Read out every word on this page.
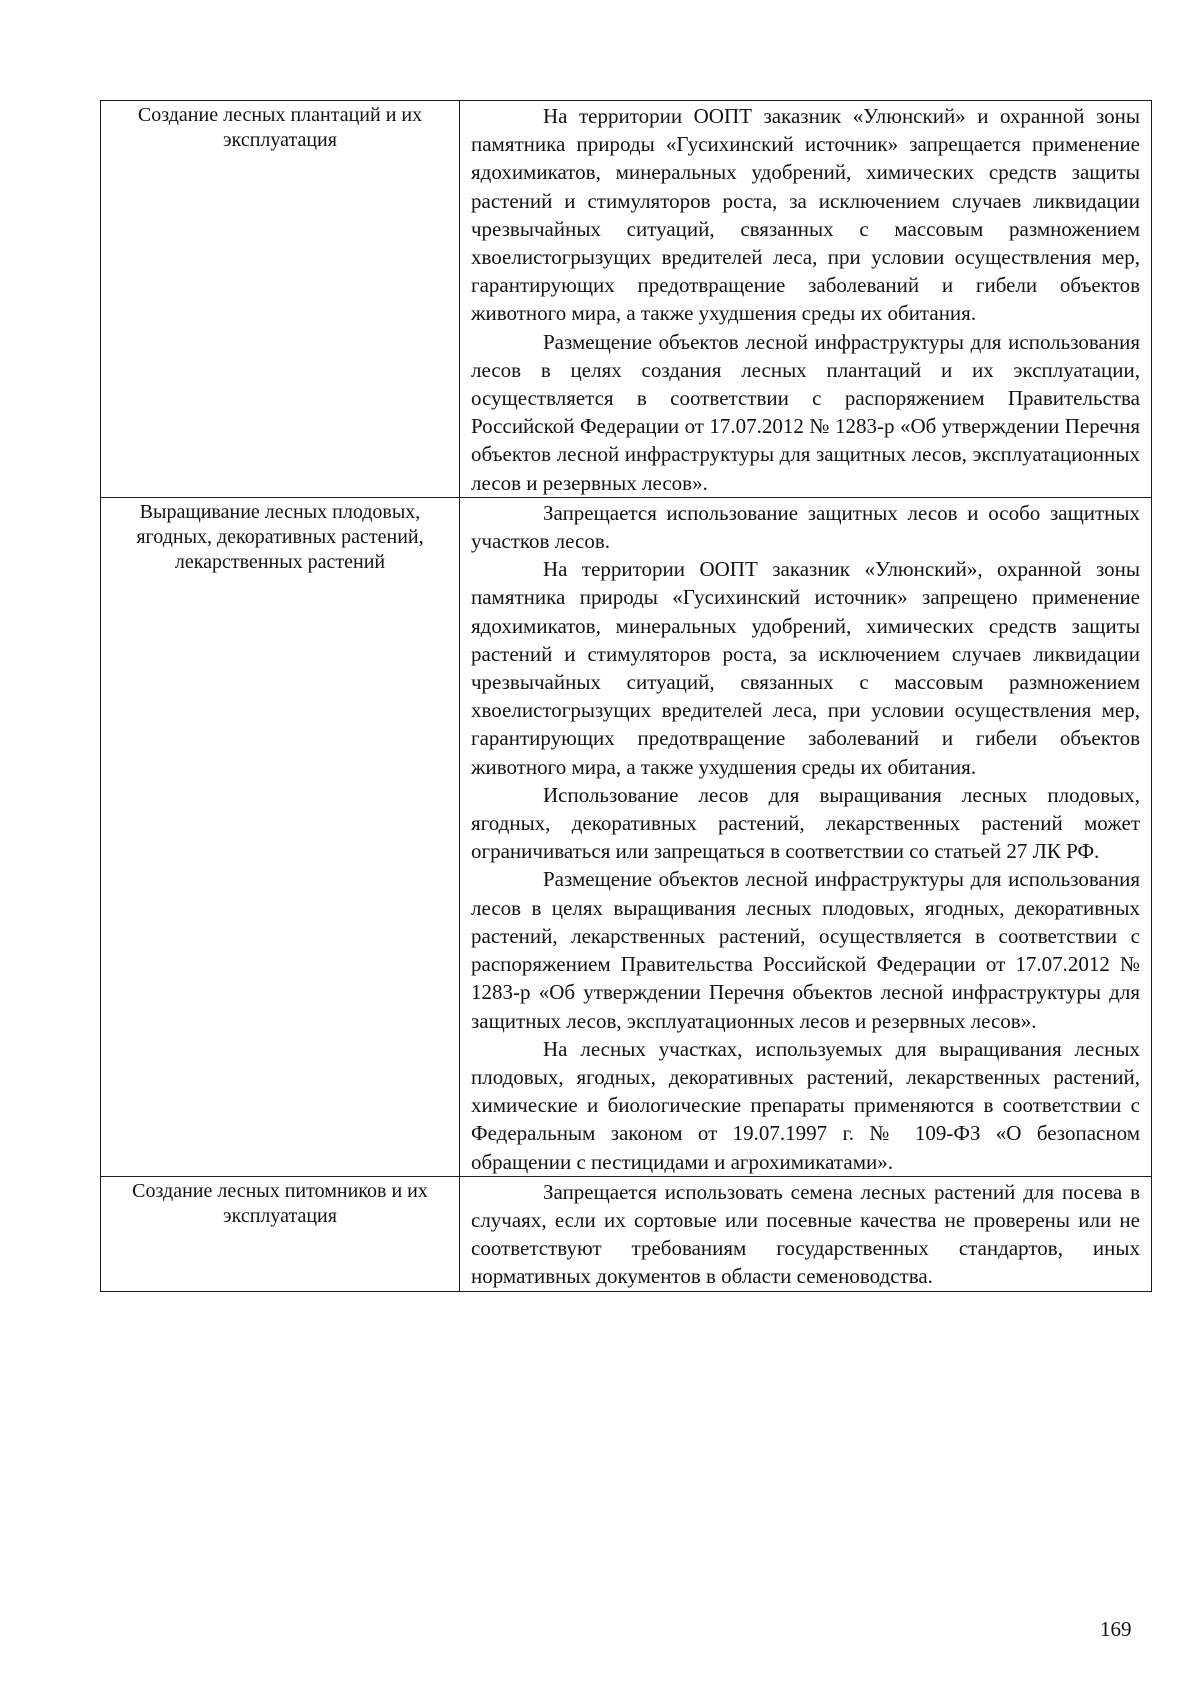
Создание лесных плантаций и их эксплуатация	На территории ООПТ заказник «Улюнский» и охранной зоны памятника природы «Гусихинский источник» запрещается применение ядохимикатов, минеральных удобрений, химических средств защиты растений и стимуляторов роста, за исключением случаев ликвидации чрезвычайных ситуаций, связанных с массовым размножением хвоелистогрызущих вредителей леса, при условии осуществления мер, гарантирующих предотвращение заболеваний и гибели объектов животного мира, а также ухудшения среды их обитания.

Размещение объектов лесной инфраструктуры для использования лесов в целях создания лесных плантаций и их эксплуатации, осуществляется в соответствии с распоряжением Правительства Российской Федерации от 17.07.2012 № 1283-р «Об утверждении Перечня объектов лесной инфраструктуры для защитных лесов, эксплуатационных лесов и резервных лесов».

Выращивание лесных плодовых, ягодных, декоративных растений, лекарственных растений	Запрещается использование защитных лесов и особо защитных участков лесов.

На территории ООПТ заказник «Улюнский», охранной зоны памятника природы «Гусихинский источник» запрещено применение ядохимикатов, минеральных удобрений, химических средств защиты растений и стимуляторов роста, за исключением случаев ликвидации чрезвычайных ситуаций, связанных с массовым размножением хвоелистогрызущих вредителей леса, при условии осуществления мер, гарантирующих предотвращение заболеваний и гибели объектов животного мира, а также ухудшения среды их обитания.

Использование лесов для выращивания лесных плодовых, ягодных, декоративных растений, лекарственных растений может ограничиваться или запрещаться в соответствии со статьей 27 ЛК РФ.

Размещение объектов лесной инфраструктуры для использования лесов в целях выращивания лесных плодовых, ягодных, декоративных растений, лекарственных растений, осуществляется в соответствии с распоряжением Правительства Российской Федерации от 17.07.2012 № 1283-р «Об утверждении Перечня объектов лесной инфраструктуры для защитных лесов, эксплуатационных лесов и резервных лесов».

На лесных участках, используемых для выращивания лесных плодовых, ягодных, декоративных растений, лекарственных растений, химические и биологические препараты применяются в соответствии с Федеральным законом от 19.07.1997 г. № 109-ФЗ «О безопасном обращении с пестицидами и агрохимикатами».

Создание лесных питомников и их эксплуатация	Запрещается использовать семена лесных растений для посева в случаях, если их сортовые или посевные качества не проверены или не соответствуют требованиям государственных стандартов, иных нормативных документов в области семеноводства.

169
